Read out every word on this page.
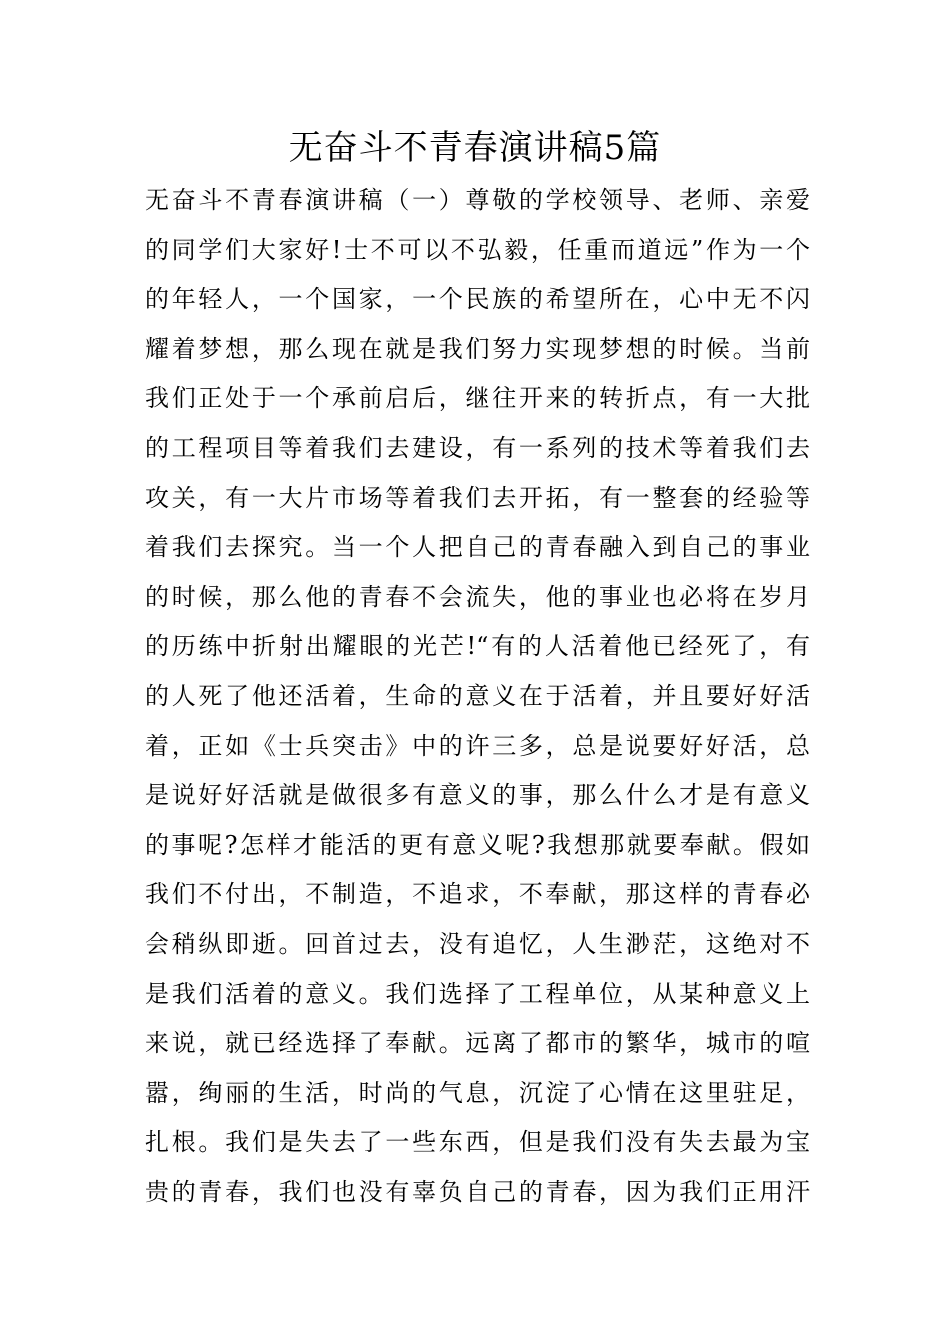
无奋斗不青春演讲稿5篇
无奋斗不青春演讲稿（一）尊敬的学校领导、老师、亲爱
的同学们大家好!士不可以不弘毅，任重而道远”作为一个
的年轻人，一个国家，一个民族的希望所在，心中无不闪
耀着梦想，那么现在就是我们努力实现梦想的时候。当前
我们正处于一个承前启后，继往开来的转折点，有一大批
的工程项目等着我们去建设，有一系列的技术等着我们去
攻关，有一大片市场等着我们去开拓，有一整套的经验等
着我们去探究。当一个人把自己的青春融入到自己的事业
的时候，那么他的青春不会流失，他的事业也必将在岁月
的历练中折射出耀眼的光芒!“有的人活着他已经死了，有
的人死了他还活着，生命的意义在于活着，并且要好好活
着，正如《士兵突击》中的许三多，总是说要好好活，总
是说好好活就是做很多有意义的事，那么什么才是有意义
的事呢?怎样才能活的更有意义呢?我想那就要奉献。假如
我们不付出，不制造，不追求，不奉献，那这样的青春必
会稍纵即逝。回首过去，没有追忆，人生渺茫，这绝对不
是我们活着的意义。我们选择了工程单位，从某种意义上
来说，就已经选择了奉献。远离了都市的繁华，城市的喧
嚣，绚丽的生活，时尚的气息，沉淀了心情在这里驻足，
扎根。我们是失去了一些东西，但是我们没有失去最为宝
贵的青春，我们也没有辜负自己的青春，因为我们正用汗
